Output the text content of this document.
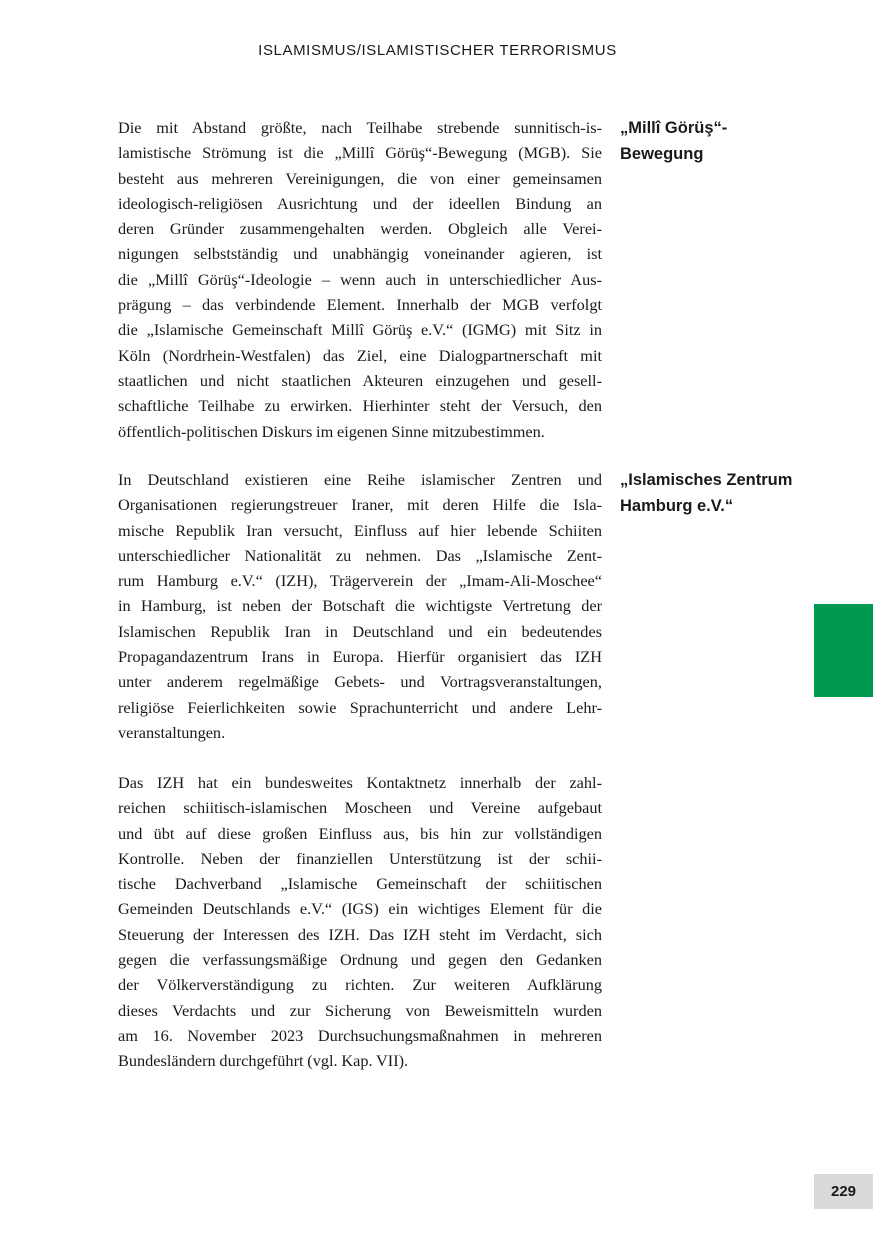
ISLAMISMUS/ISLAMISTISCHER TERRORISMUS

Die mit Abstand größte, nach Teilhabe strebende sunnitisch-is-
lamistische Strömung ist die „Millî Görüş“-Bewegung (MGB). Sie
besteht aus mehreren Vereinigungen, die von einer gemeinsamen
ideologisch-religiösen Ausrichtung und der ideellen Bindung an
deren Gründer zusammengehalten werden. Obgleich alle Verei-
nigungen selbstständig und unabhängig voneinander agieren, ist
die „Millî Görüş“-Ideologie – wenn auch in unterschiedlicher Aus-
prägung – das verbindende Element. Innerhalb der MGB verfolgt
die „Islamische Gemeinschaft Millî Görüş e.V.“ (IGMG) mit Sitz in
Köln (Nordrhein-Westfalen) das Ziel, eine Dialogpartnerschaft mit
staatlichen und nicht staatlichen Akteuren einzugehen und gesell-
schaftliche Teilhabe zu erwirken. Hierhinter steht der Versuch, den
öffentlich-politischen Diskurs im eigenen Sinne mitzubestimmen.

„Millî Görüş“-
Bewegung

In Deutschland existieren eine Reihe islamischer Zentren und
Organisationen regierungstreuer Iraner, mit deren Hilfe die Isla-
mische Republik Iran versucht, Einfluss auf hier lebende Schiiten
unterschiedlicher Nationalität zu nehmen. Das „Islamische Zent-
rum Hamburg e.V.“ (IZH), Trägerverein der „Imam-Ali-Moschee“
in Hamburg, ist neben der Botschaft die wichtigste Vertretung der
Islamischen Republik Iran in Deutschland und ein bedeutendes
Propagandazentrum Irans in Europa. Hierfür organisiert das IZH
unter anderem regelmäßige Gebets- und Vortragsveranstaltungen,
religiöse Feierlichkeiten sowie Sprachunterricht und andere Lehr-
veranstaltungen.

„Islamisches Zentrum
Hamburg e.V.“

Das IZH hat ein bundesweites Kontaktnetz innerhalb der zahl-
reichen schiitisch-islamischen Moscheen und Vereine aufgebaut
und übt auf diese großen Einfluss aus, bis hin zur vollständigen
Kontrolle. Neben der finanziellen Unterstützung ist der schii-
tische Dachverband „Islamische Gemeinschaft der schiitischen
Gemeinden Deutschlands e.V.“ (IGS) ein wichtiges Element für die
Steuerung der Interessen des IZH. Das IZH steht im Verdacht, sich
gegen die verfassungsmäßige Ordnung und gegen den Gedanken
der Völkerverständigung zu richten. Zur weiteren Aufklärung
dieses Verdachts und zur Sicherung von Beweismitteln wurden
am 16. November 2023 Durchsuchungsmaßnahmen in mehreren
Bundesländern durchgeführt (vgl. Kap. VII).

229
